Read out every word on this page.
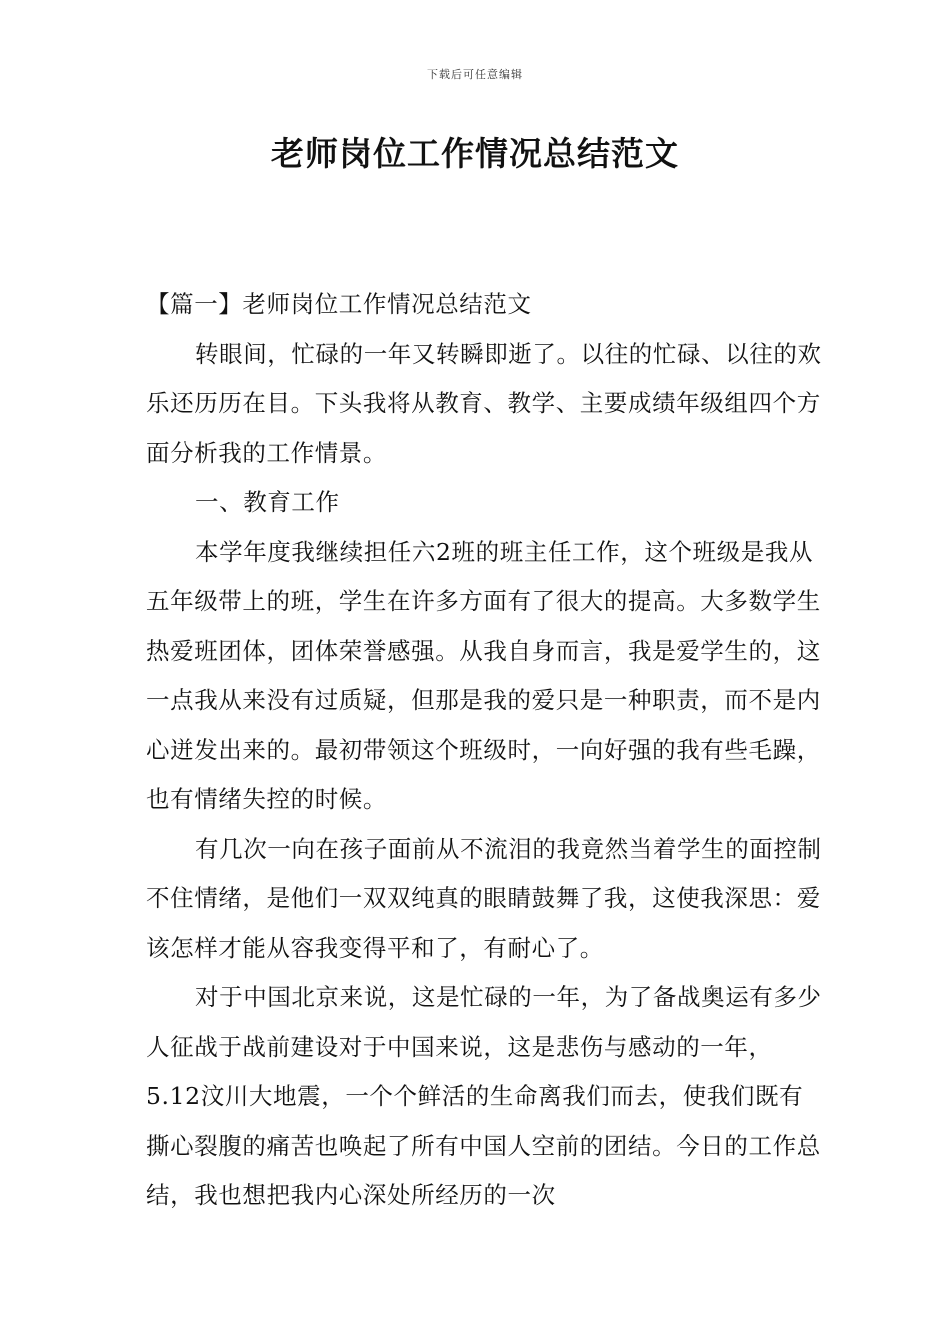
下载后可任意编辑
老师岗位工作情况总结范文

【篇一】老师岗位工作情况总结范文

转眼间，忙碌的一年又转瞬即逝了。以往的忙碌、以往的欢乐还历历在目。下头我将从教育、教学、主要成绩年级组四个方面分析我的工作情景。

一、教育工作

本学年度我继续担任六2班的班主任工作，这个班级是我从五年级带上的班，学生在许多方面有了很大的提高。大多数学生热爱班团体，团体荣誉感强。从我自身而言，我是爱学生的，这一点我从来没有过质疑，但那是我的爱只是一种职责，而不是内心迸发出来的。最初带领这个班级时，一向好强的我有些毛躁，也有情绪失控的时候。

有几次一向在孩子面前从不流泪的我竟然当着学生的面控制不住情绪，是他们一双双纯真的眼睛鼓舞了我，这使我深思：爱该怎样才能从容我变得平和了，有耐心了。

对于中国北京来说，这是忙碌的一年，为了备战奥运有多少人征战于战前建设对于中国来说，这是悲伤与感动的一年，5.12汶川大地震，一个个鲜活的生命离我们而去，使我们既有撕心裂腹的痛苦也唤起了所有中国人空前的团结。今日的工作总结，我也想把我内心深处所经历的一次
